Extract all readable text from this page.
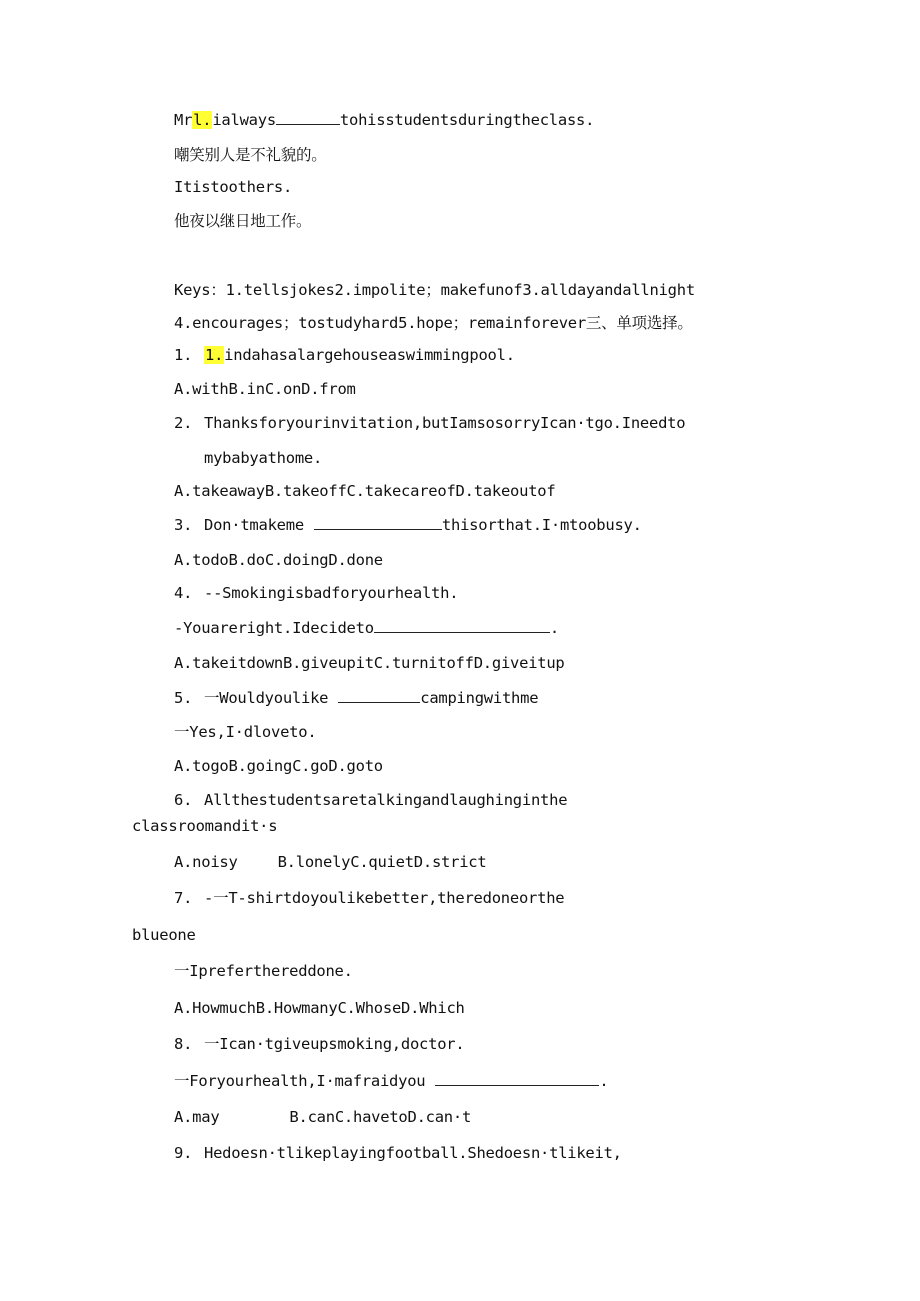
Mrl.ialways	tohisstudentsduringtheclass.
嘲笑别人是不礼貌的。
Itistoothers.
他夜以继日地工作。
Keys：1.tellsjokes2.impolite；makefunof3.alldayandallnight
4.encourages；tostudyhard5.hope；remainforever三、单项选择。
1. 1.indahasalargehouseaswimmingpool.
A.withB.inC.onD.from
2. Thanksforyourinvitation,butIamsosorryIcan·tgo.Ineedto
mybabyathome.
A.takeawayB.takeoffC.takecareofD.takeoutof
3. Don·tmakeme	thisorthat.I·mtoobusy.
A.todoB.doC.doingD.done
4. --Smokingisbadforyourhealth.
-Youareright.Idecideto	.
A.takeitdownB.giveupitC.turnitoffD.giveitup
5. 一Wouldyoulike	campingwithme
一Yes,I·dloveto.
A.togoB.goingC.goD.goto
6. Allthestudentsaretalkingandlaughinginthe
classroomandit·s
A.noisy	B.lonelyC.quietD.strict
7. -一T-shirtdoyoulikebetter,theredoneorthe
blueone
一Ipreferthereddone.
A.HowmuchB.HowmanyC.WhoseD.Which
8. 一Ican·tgiveupsmoking,doctor.
一Foryourhealth,I·mafraidyou	.
A.may	B.canC.havetoD.can·t
9. Hedoesn·tlikeplayingfootball.Shedoesn·tlikeit,
